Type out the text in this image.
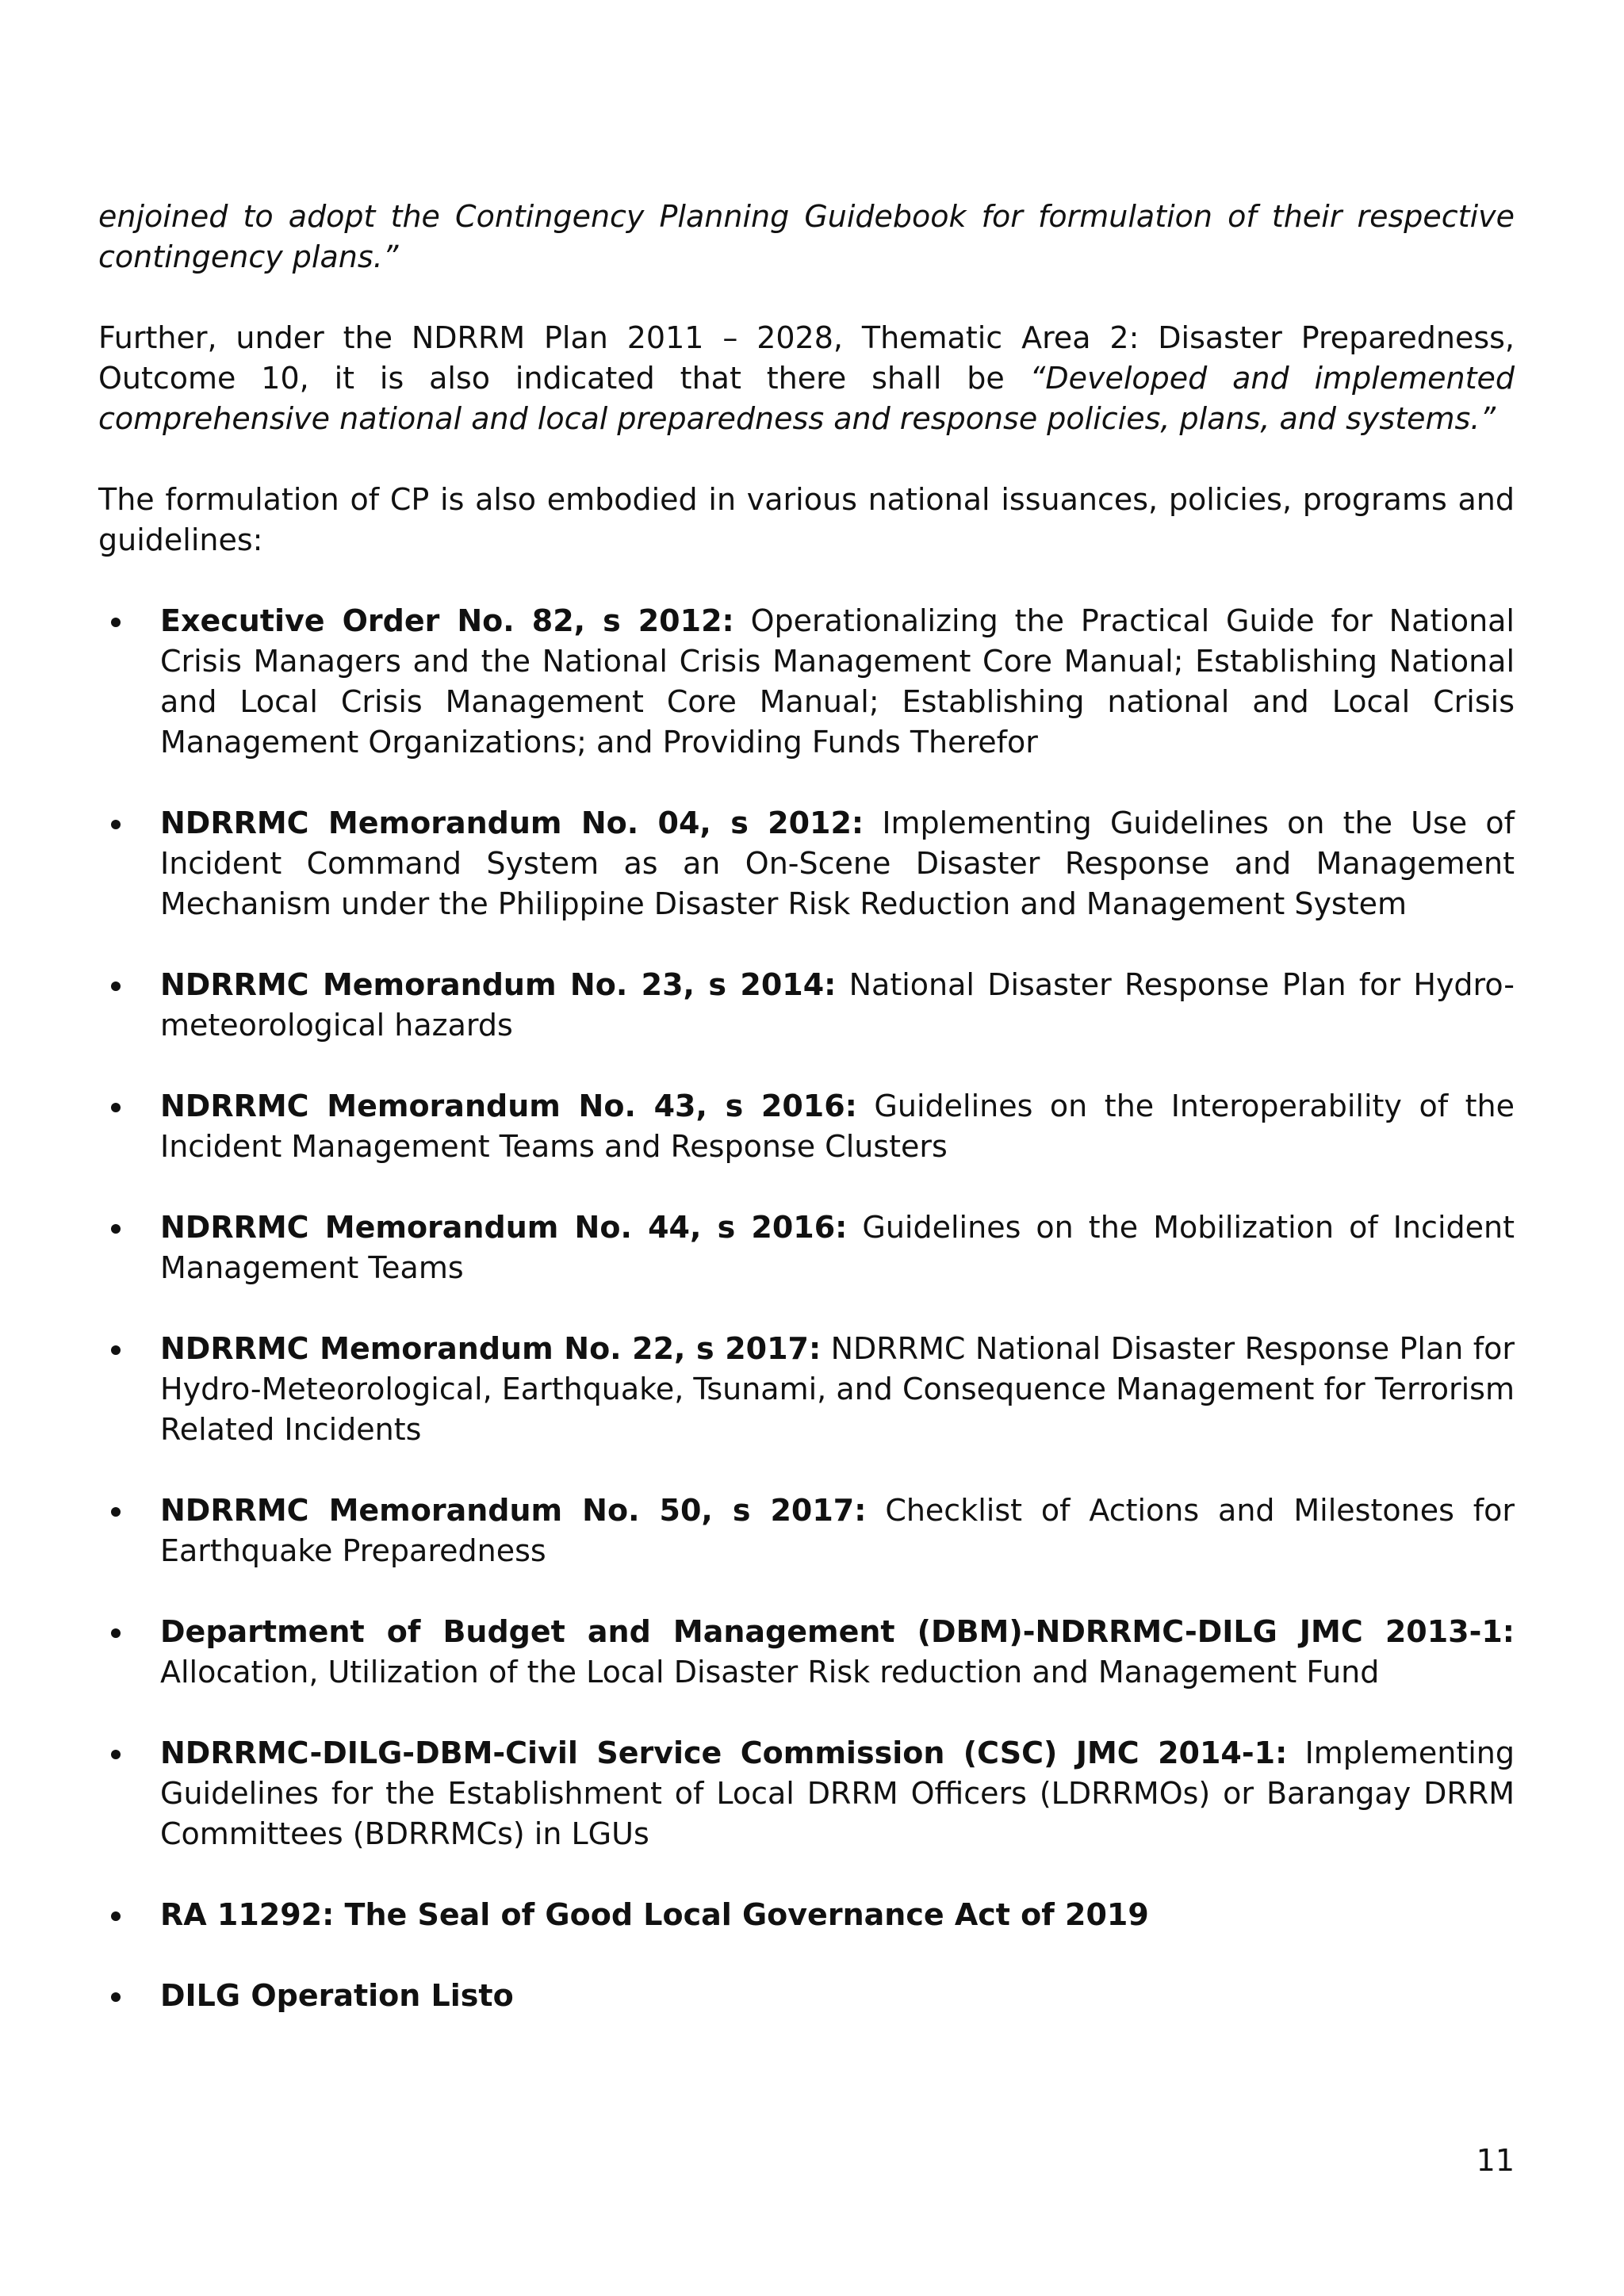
enjoined to adopt the Contingency Planning Guidebook for formulation of their respective contingency plans.”

Further, under the NDRRM Plan 2011 – 2028, Thematic Area 2: Disaster Preparedness, Outcome 10, it is also indicated that there shall be “Developed and implemented comprehensive national and local preparedness and response policies, plans, and systems.”

The formulation of CP is also embodied in various national issuances, policies, programs and guidelines:

Executive Order No. 82, s 2012: Operationalizing the Practical Guide for National Crisis Managers and the National Crisis Management Core Manual; Establishing National and Local Crisis Management Core Manual; Establishing national and Local Crisis Management Organizations; and Providing Funds Therefor
NDRRMC Memorandum No. 04, s 2012: Implementing Guidelines on the Use of Incident Command System as an On-Scene Disaster Response and Management Mechanism under the Philippine Disaster Risk Reduction and Management System
NDRRMC Memorandum No. 23, s 2014: National Disaster Response Plan for Hydro-meteorological hazards
NDRRMC Memorandum No. 43, s 2016: Guidelines on the Interoperability of the Incident Management Teams and Response Clusters
NDRRMC Memorandum No. 44, s 2016: Guidelines on the Mobilization of Incident Management Teams
NDRRMC Memorandum No. 22, s 2017: NDRRMC National Disaster Response Plan for Hydro-Meteorological, Earthquake, Tsunami, and Consequence Management for Terrorism Related Incidents
NDRRMC Memorandum No. 50, s 2017: Checklist of Actions and Milestones for Earthquake Preparedness
Department of Budget and Management (DBM)-NDRRMC-DILG JMC 2013-1: Allocation, Utilization of the Local Disaster Risk reduction and Management Fund
NDRRMC-DILG-DBM-Civil Service Commission (CSC) JMC 2014-1: Implementing Guidelines for the Establishment of Local DRRM Officers (LDRRMOs) or Barangay DRRM Committees (BDRRMCs) in LGUs
RA 11292: The Seal of Good Local Governance Act of 2019
DILG Operation Listo
11
